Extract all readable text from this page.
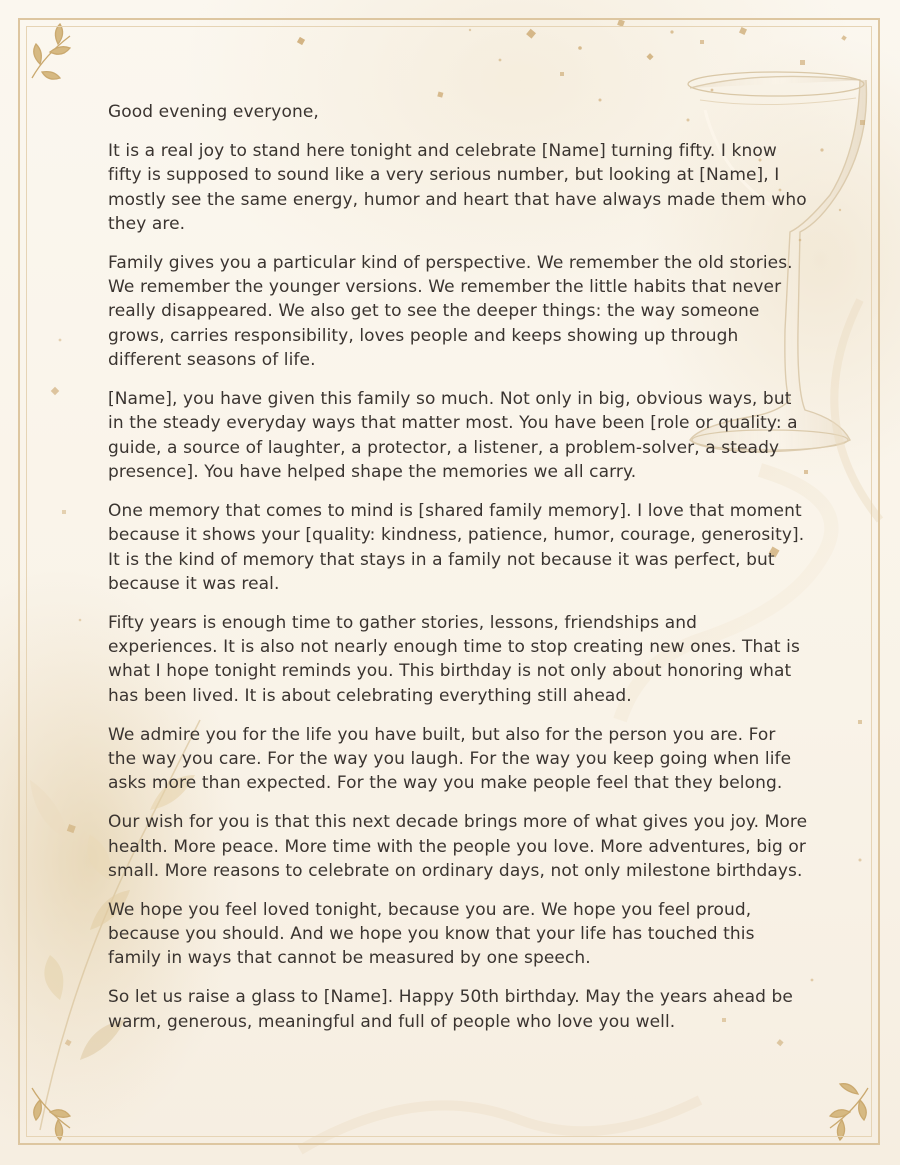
Good evening everyone,

It is a real joy to stand here tonight and celebrate [Name] turning fifty. I know fifty is supposed to sound like a very serious number, but looking at [Name], I mostly see the same energy, humor and heart that have always made them who they are.

Family gives you a particular kind of perspective. We remember the old stories. We remember the younger versions. We remember the little habits that never really disappeared. We also get to see the deeper things: the way someone grows, carries responsibility, loves people and keeps showing up through different seasons of life.

[Name], you have given this family so much. Not only in big, obvious ways, but in the steady everyday ways that matter most. You have been [role or quality: a guide, a source of laughter, a protector, a listener, a problem-solver, a steady presence]. You have helped shape the memories we all carry.

One memory that comes to mind is [shared family memory]. I love that moment because it shows your [quality: kindness, patience, humor, courage, generosity]. It is the kind of memory that stays in a family not because it was perfect, but because it was real.

Fifty years is enough time to gather stories, lessons, friendships and experiences. It is also not nearly enough time to stop creating new ones. That is what I hope tonight reminds you. This birthday is not only about honoring what has been lived. It is about celebrating everything still ahead.

We admire you for the life you have built, but also for the person you are. For the way you care. For the way you laugh. For the way you keep going when life asks more than expected. For the way you make people feel that they belong.

Our wish for you is that this next decade brings more of what gives you joy. More health. More peace. More time with the people you love. More adventures, big or small. More reasons to celebrate on ordinary days, not only milestone birthdays.

We hope you feel loved tonight, because you are. We hope you feel proud, because you should. And we hope you know that your life has touched this family in ways that cannot be measured by one speech.

So let us raise a glass to [Name]. Happy 50th birthday. May the years ahead be warm, generous, meaningful and full of people who love you well.
